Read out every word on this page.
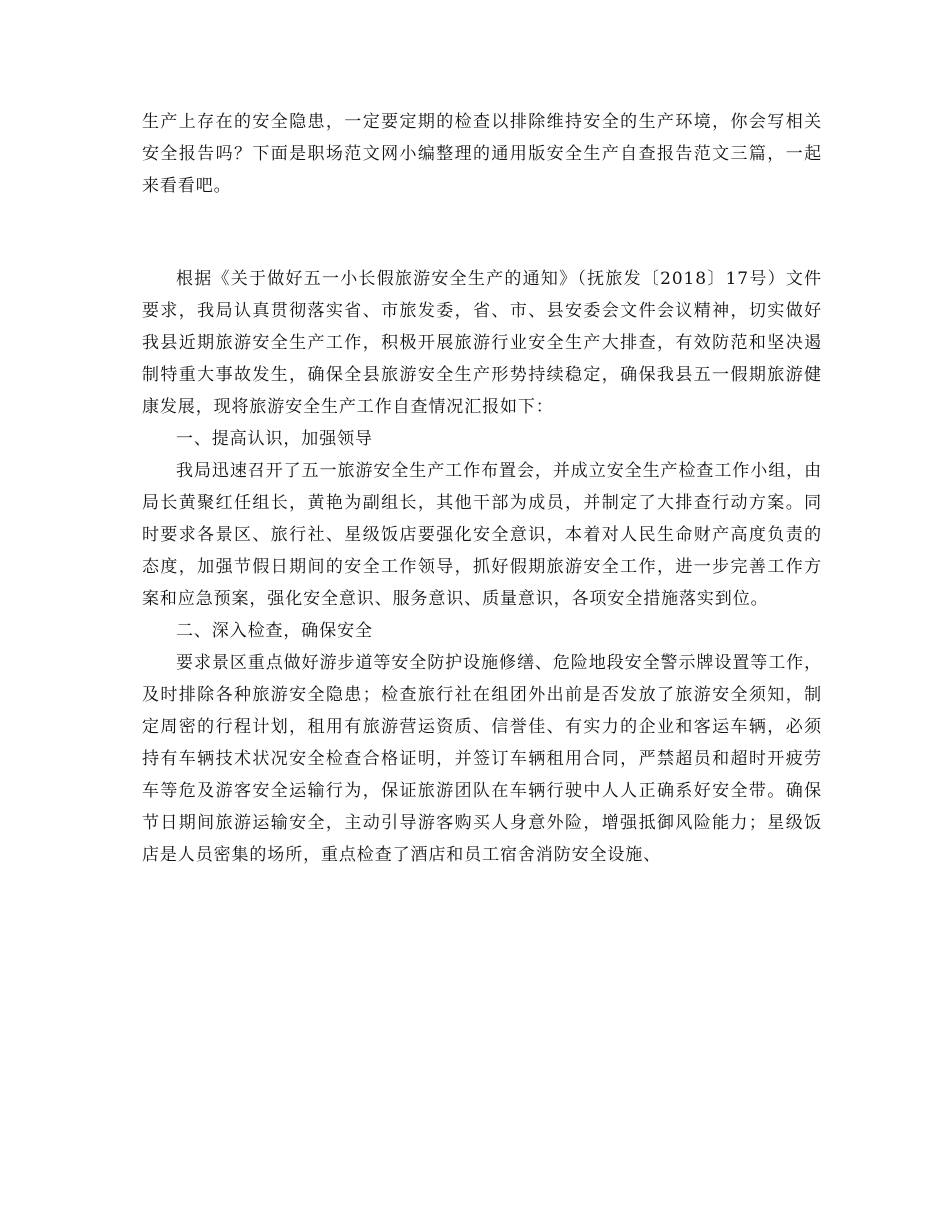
生产上存在的安全隐患，一定要定期的检查以排除维持安全的生产环境，你会写相关安全报告吗？下面是职场范文网小编整理的通用版安全生产自查报告范文三篇，一起来看看吧。

根据《关于做好五一小长假旅游安全生产的通知》（抚旅发〔2018〕17号）文件要求，我局认真贯彻落实省、市旅发委，省、市、县安委会文件会议精神，切实做好我县近期旅游安全生产工作，积极开展旅游行业安全生产大排查，有效防范和坚决遏制特重大事故发生，确保全县旅游安全生产形势持续稳定，确保我县五一假期旅游健康发展，现将旅游安全生产工作自查情况汇报如下：

一、提高认识，加强领导

我局迅速召开了五一旅游安全生产工作布置会，并成立安全生产检查工作小组，由局长黄聚红任组长，黄艳为副组长，其他干部为成员，并制定了大排查行动方案。同时要求各景区、旅行社、星级饭店要强化安全意识，本着对人民生命财产高度负责的态度，加强节假日期间的安全工作领导，抓好假期旅游安全工作，进一步完善工作方案和应急预案，强化安全意识、服务意识、质量意识，各项安全措施落实到位。

二、深入检查，确保安全

要求景区重点做好游步道等安全防护设施修缮、危险地段安全警示牌设置等工作，及时排除各种旅游安全隐患；检查旅行社在组团外出前是否发放了旅游安全须知，制定周密的行程计划，租用有旅游营运资质、信誉佳、有实力的企业和客运车辆，必须持有车辆技术状况安全检查合格证明，并签订车辆租用合同，严禁超员和超时开疲劳车等危及游客安全运输行为，保证旅游团队在车辆行驶中人人正确系好安全带。确保节日期间旅游运输安全，主动引导游客购买人身意外险，增强抵御风险能力；星级饭店是人员密集的场所，重点检查了酒店和员工宿舍消防安全设施、
